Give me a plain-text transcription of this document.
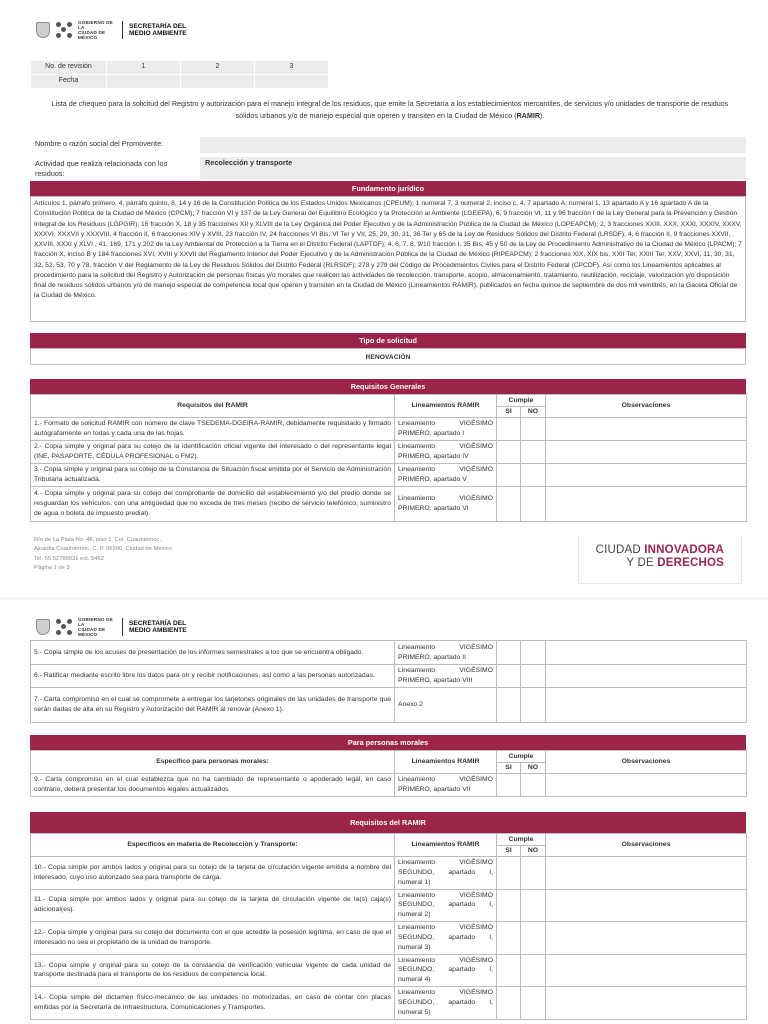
GOBIERNO DE LA
CIUDAD DE MÉXICO
SECRETARÍA DEL
MEDIO AMBIENTE
No. de revisión	1	2	3
Fecha			
Lista de chequeo para la solicitud del Registro y autorización para el manejo integral de los residuos, que emite la Secretaría a los establecimientos mercantiles, de servicios y/o unidades de transporte de residuos sólidos urbanos y/o de manejo especial que operen y transiten en la Ciudad de México (RAMIR).
Nombre o razón social del Promovente:
Actividad que realiza relacionada con los residuos:
Recolección y transporte
Fundamento jurídico
Artículos 1, párrafo primero, 4, párrafo quinto, 8, 14 y 16 de la Constitución Política de los Estados Unidos Mexicanos (CPEUM); 1 numeral 7, 3 numeral 2, inciso c, 4, 7 apartado A, numeral 1, 13 apartado A y 16 apartado A de la Constitución Política de la Ciudad de México (CPCM); 7 fracción VI y 137 de la Ley General del Equilibrio Ecológico y la Protección al Ambiente (LGEEPA); 6, 9 fracción VI, 11 y 96 fracción I de la Ley General para la Prevención y Gestión Integral de los Residuos (LGPGIR); 16 fracción X, 18 y 35 fracciones XII y XLVIII de la Ley Orgánica del Poder Ejecutivo y de la Administración Pública de la Ciudad de México (LOPEAPCM); 2, 3 fracciones XXIII, XXX, XXXI, XXXIV, XXXV, XXXVI, XXXVII y XXXVIII, 4 fracción II, 6 fracciones XIV y XVIII, 23 fracción IV, 24 fracciones VI Bis, VI Ter y VII, 25, 29, 30, 31, 36 Ter y 65 de la Ley de Residuos Sólidos del Distrito Federal (LRSDF); 4, 6 fracción II, 9 fracciones XXVII, XXVIII, XXXI y XLVI , 41, 169, 171 y 202 de la Ley Ambiental de Protección a la Tierra en el Distrito Federal (LAPTDF); 4, 6, 7, 8, 9/10 fracción I, 35 Bis, 45 y 50 de la Ley de Procedimiento Administrativo de la Ciudad de México (LPACM); 7 fracción X, inciso B y 184 fracciones XVI, XVIII y XXVII del Reglamento Interior del Poder Ejecutivo y de la Administración Pública de la Ciudad de México (RIPEAPCM); 2 fracciones XIX, XIX bis, XXII Ter, XXIII Ter, XXV, XXVI, 11, 30, 31, 32, 52, 53, 70 y 78, fracción V del Reglamento de la Ley de Residuos Sólidos del Distrito Federal (RLRSDF); 278 y 279 del Código de Procedimientos Civiles para el Distrito Federal (CPCDF). Así como los Lineamientos aplicables al procedimiento para la solicitud del Registro y Autorización de personas físicas y/o morales que realicen las actividades de recolección, transporte, acopio, almacenamiento, tratamiento, reutilización, reciclaje, valorización y/o disposición final de residuos sólidos urbanos y/o de manejo especial de competencia local que operen y transiten en la Ciudad de México (Lineamientos RAMIR), publicados en fecha quince de septiembre de dos mil veintitrés, en la Gaceta Oficial de la Ciudad de México.
Tipo de solicitud
RENOVACIÓN
Requisitos Generales
Requisitos del RAMIR	Lineamientos RAMIR	Cumple		Observaciones
		SI	NO	
1.- Formato de solicitud RAMIR con número de clave TSEDEMA-DGEIRA-RAMIR, debidamente requisitado y firmado autógrafamente en todas y cada una de las hojas.	Lineamiento VIGÉSIMO PRIMERO, apartado I			
2.- Copia simple y original para su cotejo de la identificación oficial vigente del interesado o del representante legal (INE, PASAPORTE, CÉDULA PROFESIONAL o FM2).	Lineamiento VIGÉSIMO PRIMERO, apartado IV			
3.- Copia simple y original para su cotejo de la Constancia de Situación fiscal emitida por el Servicio de Administración Tributaria actualizada.	Lineamiento VIGÉSIMO PRIMERO, apartado V			
4.- Copia simple y original para su cotejo del comprobante de domicilio del establecimiento y/o del predio donde se resguardan los vehículos, con una antigüedad que no exceda de tres meses (recibo de servicio telefónico, suministro de agua o boleta de impuesto predial).	Lineamiento VIGÉSIMO PRIMERO, apartado VI			
Río de La Plata No. 48, piso 1, Col. Cuauhtémoc,
Alcaldía Cuauhtémoc, C. P. 06500, Ciudad de México
Tel. 55 52789931 ext. 5462
Página 1 de 3
CIUDAD INNOVADORA
Y DE DERECHOS
GOBIERNO DE LA
CIUDAD DE MÉXICO
SECRETARÍA DEL
MEDIO AMBIENTE
5.- Copia simple de los acuses de presentación de los informes semestrales a los que se encuentra obligado.	Lineamiento VIGÉSIMO PRIMERO, apartado II			
6.- Ratificar mediante escrito libre los datos para oír y recibir notificaciones, así como a las personas autorizadas.	Lineamiento VIGÉSIMO PRIMERO, apartado VIII			
7.- Carta compromiso en el cual se compromete a entregar los tarjetones originales de las unidades de transporte que serán dadas de alta en su Registro y Autorización del RAMIR al renovar (Anexo 1).	Anexo 2			
Para personas morales
Específico para personas morales:	Lineamientos RAMIR	Cumple		Observaciones
		SI	NO	
9.- Carta compromiso en el cual establezca que no ha cambiado de representante o apoderado legal, en caso contrario, deberá presentar los documentos legales actualizados	Lineamiento VIGÉSIMO PRIMERO, apartado VII			
Requisitos del RAMIR
Específicos en materia de Recolección y Transporte:	Lineamientos RAMIR	Cumple		Observaciones
		SI	NO	
10.- Copia simple por ambos lados y original para su cotejo de la tarjeta de circulación vigente emitida a nombre del interesado, cuyo uso autorizado sea para transporte de carga.	Lineamiento VIGÉSIMO SEGUNDO, apartado I, numeral 1)			
11.- Copia simple por ambos lados y original para su cotejo de la tarjeta de circulación vigente de la(s) caja(s) adicional(es).	Lineamiento VIGÉSIMO SEGUNDO, apartado I, numeral 2)			
12.- Copia simple y original para su cotejo del documento con el que acredite la posesión legítima, en caso de que el interesado no sea el propietario de la unidad de transporte.	Lineamiento VIGÉSIMO SEGUNDO, apartado I, numeral 3)			
13.- Copia simple y original para su cotejo de la constancia de verificación vehicular vigente de cada unidad de transporte destinada para el transporte de los residuos de competencia local.	Lineamiento VIGÉSIMO SEGUNDO, apartado I, numeral 4)			
14.- Copia simple del dictamen físico-mecánico de las unidades no motorizadas, en caso de contar con placas emitidas por la Secretaría de Infraestructura, Comunicaciones y Transportes.	Lineamiento VIGÉSIMO SEGUNDO, apartado I, numeral 5)			
